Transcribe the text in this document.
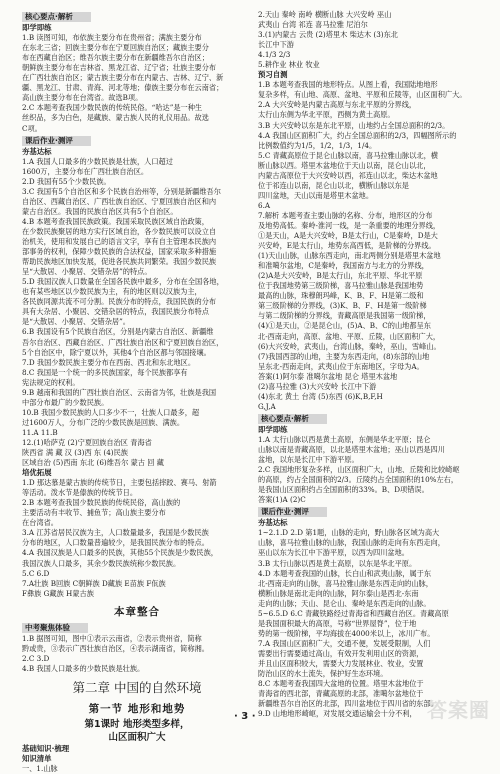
核心要点·解析
即学即练
1.B 读图可知，布依族主要分布在贵州省；满族主要分布
在东北三省；回族主要分布在宁夏回族自治区；藏族主要分
布在西藏自治区；维吾尔族主要分布在新疆维吾尔自治区；
朝鲜族主要分布在吉林省、黑龙江省、辽宁省；壮族主要分布
在广西壮族自治区；蒙古族主要分布在内蒙古、吉林、辽宁、新
疆、黑龙江、甘肃、青海、河北等地；傣族主要分布在云南省；
高山族主要分布在台湾省。故选B项。
2.C 本题考查我国少数民族的传统民俗。“哈达”是一种生
丝织品，多为白色，是藏族、蒙古族人民的礼仪用品。故选
C项。
课后作业·测评
夯基达标
1.A 我国人口最多的少数民族是壮族，人口超过
1600万，主要分布在广西壮族自治区。
2.D 我国有55个少数民族。
3.C 我国有5个自治区和多个民族自治州等，分别是新疆维吾尔
自治区、西藏自治区、广西壮族自治区、宁夏回族自治区和内
蒙古自治区。我国的民族自治区共有5个自治区。
4.B 本题考查我国民族政策。我国采取民族区域自治政策，
在少数民族聚居的地方实行区域自治，各少数民族可以设立自
治机关，使用和发展自己的语言文字，享有自主管理本民族内
部事务的权利，保障少数民族的合法权益，国家采取多种措施
帮助民族地区加快发展，促进各民族共同繁荣。我国少数民族
呈“大散居、小聚居、交错杂居”的特点。
5.D 我国汉族人口数量在全国各民族中最多，分布在全国各地，
也有某些地区以少数民族为主，有的地区则以汉族为主，
各民族同源共流不可分割。民族分布的特点，我国民族的分布
具有大杂居、小聚居、交错杂居的特点，我国民族分布特点
是“大散居、小聚居、交错杂居”。
6.B 我国设有5个民族自治区，分别是内蒙古自治区、新疆维
吾尔自治区、西藏自治区、广西壮族自治区和宁夏回族自治区，
5个自治区中，除宁夏以外，其他4个自治区都与邻国接壤。
7.D 我国少数民族主要分布在西南、西北和东北地区。
8.C 我国是一个统一的多民族国家，每个民族都享有
宪法规定的权利。
9.B 越南和我国的广西壮族自治区、云南省为邻，壮族是我国
中部分布最广的少数民族。
10.B 我国少数民族的人口多少不一，壮族人口最多，超
过1600万人，分布广泛的少数民族是回族、满族。
11.A 11.B
12.(1)哈萨克 (2)宁夏回族自治区 青海省
陕西省 满 藏 汉 (3)西 东 (4)民族
区域自治 (5)西南 东北 (6)维吾尔 蒙古 回 藏
培优拓展
1.D 那达慕是蒙古族的传统节日，主要包括摔跤、赛马、射箭
等活动。泼水节是傣族的传统节日。
2.B 本题考查我国少数民族的传统民俗，高山族的
主要活动有丰收节、捕鱼节；高山族主要分布
在台湾省。
3.A 江苏省居民汉族为主，人口数量最多，我国是少数民族
分布的地区，人口数量普遍较少，是我国民族分布的特点。
4.A 我国汉族是人口最多的民族，其他55个民族是少数民族，
我国汉族人口最多，其余少数民族统称少数民族。
5.C 6.D
7.A壮族 B回族 C朝鲜族 D藏族 E苗族 F佤族
F彝族 G藏族 H蒙古族
本章整合
中考聚焦体验
1.B 据图可知，图中①表示云南省，②表示贵州省，简称
黔或贵，③表示广西壮族自治区，④表示湖南省，简称湘。
2.C 3.D
4.B 我国人口最多的少数民族是壮族。
第二章 中国的自然环境
第一节 地形和地势
第1课时 地形类型多样，
山区面积广大
基础知识·梳理
知识清单
一、1.山脉
2.天山 秦岭 南岭 横断山脉 大兴安岭 巫山
武夷山 台湾 祁连 喜马拉雅 尼泊尔
3.(1)内蒙古 云贵 (2)塔里木 柴达木 (3)东北
长江中下游
4.1/3 2/3
5.耕作业 林业 牧业
预习自测
1.B 本题考查我国的地形特点。从图上看，我国陆地地形
复杂多样，有山地、高原、盆地、平原和丘陵等，山区面积广大。
2.A 大兴安岭是内蒙古高原与东北平原的分界线，
太行山东侧为华北平原，西侧为黄土高原。
3.B 大兴安岭以东是东北平原，山地约占全国总面积的2/3。
4.A 我国山区面积广大，约占全国总面积的2/3，四幅图所示的
比例数值约为1/5，1/2，1/3，1/4。
5.C 青藏高原位于昆仑山脉以南，喜马拉雅山脉以北，横
断山脉以西。塔里木盆地位于天山以南，昆仑山以北，
内蒙古高原位于大兴安岭以西，祁连山以北，柴达木盆地
位于祁连山以南，昆仑山以北，横断山脉以东是
四川盆地，天山以南是塔里木盆地。
6.A
7.解析 本题考查主要山脉的名称、分布，地形区的分布
及地势高低。秦岭-淮河一线，是一条重要的地理分界线，
①是天山，A是大兴安岭，B是太行山，C是秦岭，D是大
兴安岭，E是太行山，地势东高西低，是阶梯的分界线。
(1)天山山脉，山脉东西走向，南北两侧分别是塔里木盆地
和准噶尔盆地，C是秦岭，我国南方与北方的分界线，
(2)A是大兴安岭，B是太行山，东北平原、华北平原
位于我国地势第三级阶梯，喜马拉雅山脉是我国地势
最高的山脉，珠穆朗玛峰，K、B、F、H是第二级和
第三级阶梯的分界线，(3)K、B、F、H是第一级阶梯
与第二级阶梯的分界线，青藏高原是我国第一级阶梯，
(4)①是天山，②是昆仑山，(5)A、B、C的山地都呈东
北-西南走向，高原、盆地、平原、丘陵，山区面积广大，
(6)大兴安岭，武夷山，台湾山脉，秦岭，巫山，雪峰山。
(7)我国西部的山地，主要为东西走向，(8)东部的山地
呈东北-西南走向，武夷山位于东南地区，字母为A。
答案(1)阿尔泰 准噶尔盆地 昆仑 塔里木盆地
(2)喜马拉雅 (3)大兴安岭 长江中下游
(4)东北 黄土 台湾 (5)东西 (6)K,B,F,H
G,J,A
核心要点·解析
即学即练
1.A 太行山脉以西是黄土高原，东侧是华北平原；昆仑
山脉以南是青藏高原，以北是塔里木盆地；巫山以西是四川
盆地，以东是长江中下游平原。
2.C 我国地形复杂多样，山区面积广大，山地、丘陵和比较崎岖
的高原，约占全国面积的2/3。丘陵约占全国面积的10%左右，
是我国山区面积约占全国面积的33%。B、D项错误。
答案(1)A (2)C
课后作业·测评
夯基达标
1~2.1.D 2.D 第1题，山脉的走向，野山脉各区域为高大
山脉，喜马拉雅山脉的山脉，我国山脉的走向有东西走向，
巫山以东为长江中下游平原，以西为四川盆地。
3.B 太行山脉以西是黄土高原，以东是华北平原。
4.D 本题考查我国的山脉，长白山和武夷山脉，属于东
北-西南走向的山脉，喜马拉雅山脉是东西走向的山脉，
横断山脉是南北走向的山脉，阿尔泰山是西北-东南
走向的山脉；天山、昆仑山、秦岭是东西走向的山脉。
5~6.5.D 6.C 青藏铁路经过青海省和西藏自治区。青藏高原
是我国面积最大的高原，号称“世界屋脊”，位于地
势的第一级阶梯，平均海拔在4000米以上，冰川广布。
7.A 我国山区面积广大，交通不便，发展受限制，人们
需要出行需要通过高山，有效开发利用山区的资源，
并且山区面积较大，需要大力发展林业、牧业，安置
防治山区的水土流失，保护好生态环境。
8.C 本题考查我国四大盆地的位置。塔里木盆地位于
青海省的西北部，青藏高原的北部，准噶尔盆地位于
新疆维吾尔自治区的北部，四川盆地位于四川省的东部。
9.D 山地地形崎岖，对发展交通运输会十分不利，
· 3 ·	答案圈
